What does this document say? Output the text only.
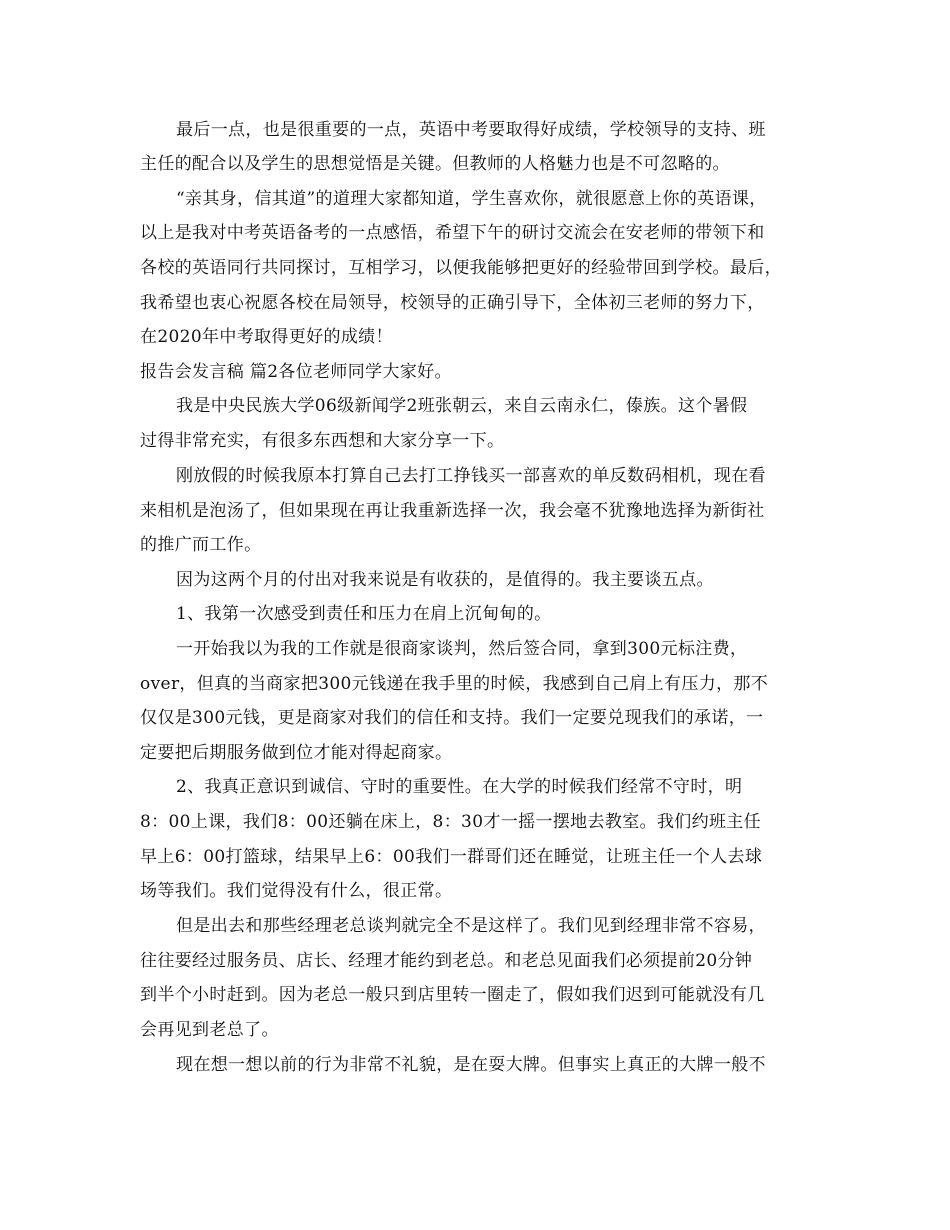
最后一点，也是很重要的一点，英语中考要取得好成绩，学校领导的支持、班
主任的配合以及学生的思想觉悟是关键。但教师的人格魅力也是不可忽略的。
“亲其身，信其道”的道理大家都知道，学生喜欢你，就很愿意上你的英语课，
以上是我对中考英语备考的一点感悟，希望下午的研讨交流会在安老师的带领下和
各校的英语同行共同探讨，互相学习，以便我能够把更好的经验带回到学校。最后，
我希望也衷心祝愿各校在局领导，校领导的正确引导下，全体初三老师的努力下，
在2020年中考取得更好的成绩！
报告会发言稿 篇2各位老师同学大家好。
我是中央民族大学06级新闻学2班张朝云，来自云南永仁，傣族。这个暑假
过得非常充实，有很多东西想和大家分享一下。
刚放假的时候我原本打算自己去打工挣钱买一部喜欢的单反数码相机，现在看
来相机是泡汤了，但如果现在再让我重新选择一次，我会毫不犹豫地选择为新街社
的推广而工作。
因为这两个月的付出对我来说是有收获的，是值得的。我主要谈五点。
1、我第一次感受到责任和压力在肩上沉甸甸的。
一开始我以为我的工作就是很商家谈判，然后签合同，拿到300元标注费，
over，但真的当商家把300元钱递在我手里的时候，我感到自己肩上有压力，那不
仅仅是300元钱，更是商家对我们的信任和支持。我们一定要兑现我们的承诺，一
定要把后期服务做到位才能对得起商家。
2、我真正意识到诚信、守时的重要性。在大学的时候我们经常不守时，明
8：00上课，我们8：00还躺在床上，8：30才一摇一摆地去教室。我们约班主任
早上6：00打篮球，结果早上6：00我们一群哥们还在睡觉，让班主任一个人去球
场等我们。我们觉得没有什么，很正常。
但是出去和那些经理老总谈判就完全不是这样了。我们见到经理非常不容易，
往往要经过服务员、店长、经理才能约到老总。和老总见面我们必须提前20分钟
到半个小时赶到。因为老总一般只到店里转一圈走了，假如我们迟到可能就没有几
会再见到老总了。
现在想一想以前的行为非常不礼貌，是在耍大牌。但事实上真正的大牌一般不
